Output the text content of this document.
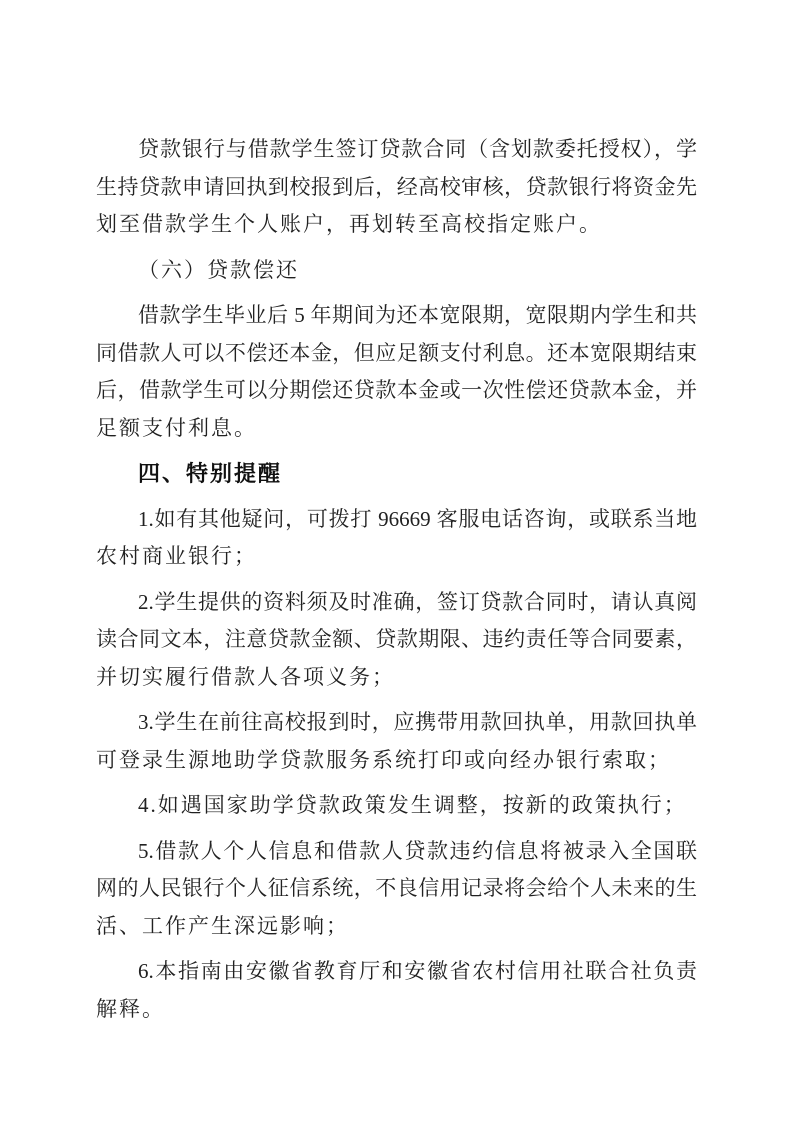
贷款银行与借款学生签订贷款合同（含划款委托授权），学
生持贷款申请回执到校报到后，经高校审核，贷款银行将资金先
划至借款学生个人账户，再划转至高校指定账户。
（六）贷款偿还
借款学生毕业后 5 年期间为还本宽限期，宽限期内学生和共
同借款人可以不偿还本金，但应足额支付利息。还本宽限期结束
后，借款学生可以分期偿还贷款本金或一次性偿还贷款本金，并
足额支付利息。
四、特别提醒
1.如有其他疑问，可拨打 96669 客服电话咨询，或联系当地
农村商业银行；
2.学生提供的资料须及时准确，签订贷款合同时，请认真阅
读合同文本，注意贷款金额、贷款期限、违约责任等合同要素，
并切实履行借款人各项义务；
3.学生在前往高校报到时，应携带用款回执单，用款回执单
可登录生源地助学贷款服务系统打印或向经办银行索取；
4.如遇国家助学贷款政策发生调整，按新的政策执行；
5.借款人个人信息和借款人贷款违约信息将被录入全国联
网的人民银行个人征信系统，不良信用记录将会给个人未来的生
活、工作产生深远影响；
6.本指南由安徽省教育厅和安徽省农村信用社联合社负责
解释。
